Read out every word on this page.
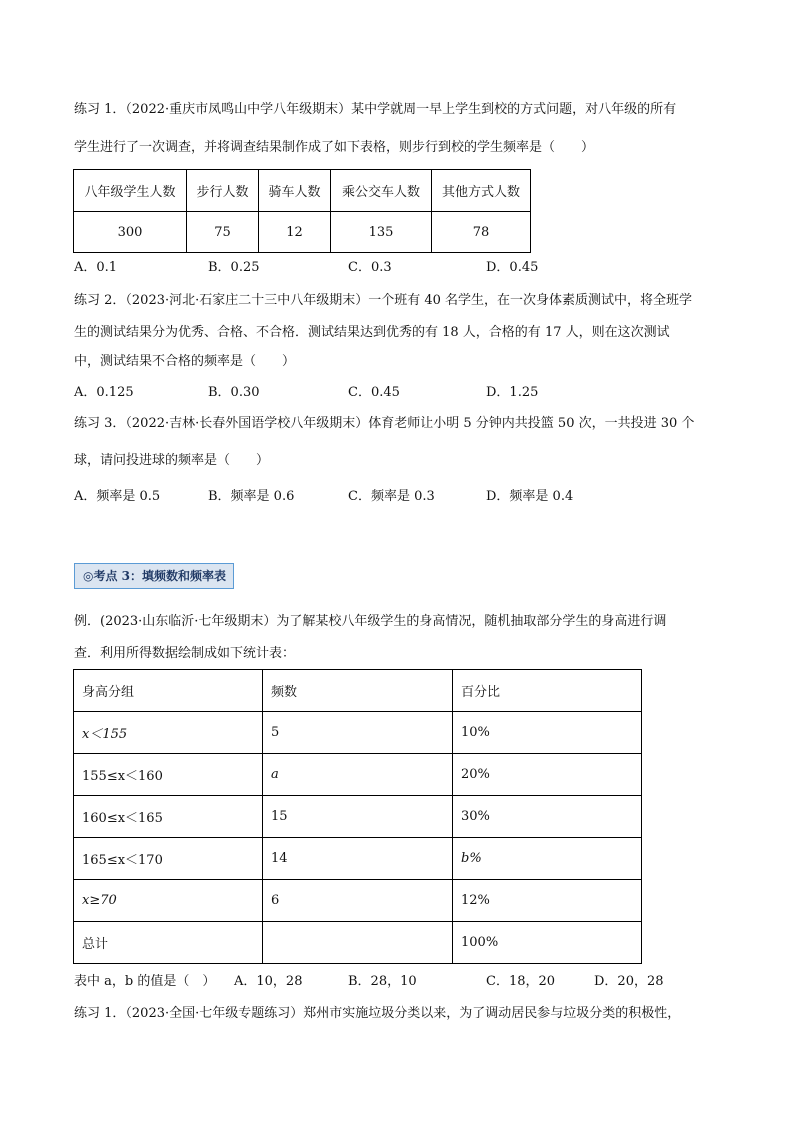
练习 1．（2022·重庆市凤鸣山中学八年级期末）某中学就周一早上学生到校的方式问题，对八年级的所有
学生进行了一次调查，并将调查结果制作成了如下表格，则步行到校的学生频率是（　　）
八年级学生人数	步行人数	骑车人数	乘公交车人数	其他方式人数
300	75	12	135	78
A．0.1	B．0.25	C．0.3	D．0.45
练习 2．（2023·河北·石家庄二十三中八年级期末）一个班有 40 名学生，在一次身体素质测试中，将全班学
生的测试结果分为优秀、合格、不合格．测试结果达到优秀的有 18 人，合格的有 17 人，则在这次测试
中，测试结果不合格的频率是（　　）
A．0.125	B．0.30	C．0.45	D．1.25
练习 3．（2022·吉林·长春外国语学校八年级期末）体育老师让小明 5 分钟内共投篮 50 次，一共投进 30 个
球，请问投进球的频率是（　　）
A．频率是 0.5	B．频率是 0.6	C．频率是 0.3	D．频率是 0.4
◎考点 3：填频数和频率表
例．(2023·山东临沂·七年级期末）为了解某校八年级学生的身高情况，随机抽取部分学生的身高进行调
查．利用所得数据绘制成如下统计表：
身高分组	频数	百分比
x＜155	5	10%
155≤x＜160	a	20%
160≤x＜165	15	30%
165≤x＜170	14	b%
x≥70	6	12%
总计		100%
表中 a，b 的值是（　） A．10，28	B．28，10	C．18，20	D．20，28
练习 1．（2023·全国·七年级专题练习）郑州市实施垃圾分类以来，为了调动居民参与垃圾分类的积极性，
